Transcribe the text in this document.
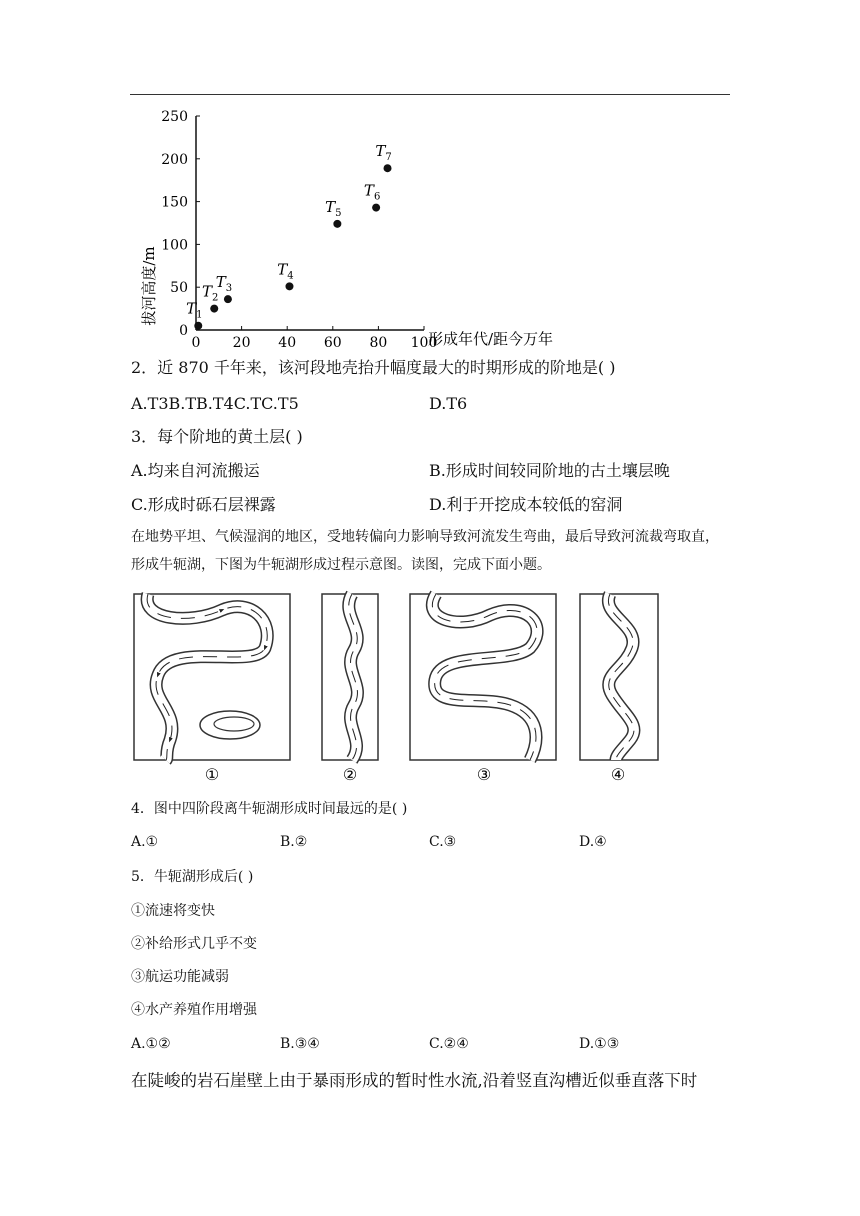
0 20 40 60 80 100
0
50
100
150
200
250
$T_1$
$T_2$
$T_3$
$T_4$
$T_5$
$T_6$
$T_7$
形成年代/距今万年
拔河高度/m
2．近 870 千年来，该河段地壳抬升幅度最大的时期形成的阶地是( )
A.T3B.TB.T4C.TC.T5	D.T6
3．每个阶地的黄土层( )
A.均来自河流搬运	B.形成时间较同阶地的古土壤层晚
C.形成时砾石层裸露	D.利于开挖成本较低的窑洞
在地势平坦、气候湿润的地区，受地转偏向力影响导致河流发生弯曲，最后导致河流裁弯取直，形成牛轭湖，下图为牛轭湖形成过程示意图。读图，完成下面小题。
①	②	③	④
4．图中四阶段离牛轭湖形成时间最远的是( )
A.①	B.②	C.③	D.④
5．牛轭湖形成后( )
①流速将变快
②补给形式几乎不变
③航运功能减弱
④水产养殖作用增强
A.①②	B.③④	C.②④	D.①③
在陡峻的岩石崖壁上由于暴雨形成的暂时性水流,沿着竖直沟槽近似垂直落下时
